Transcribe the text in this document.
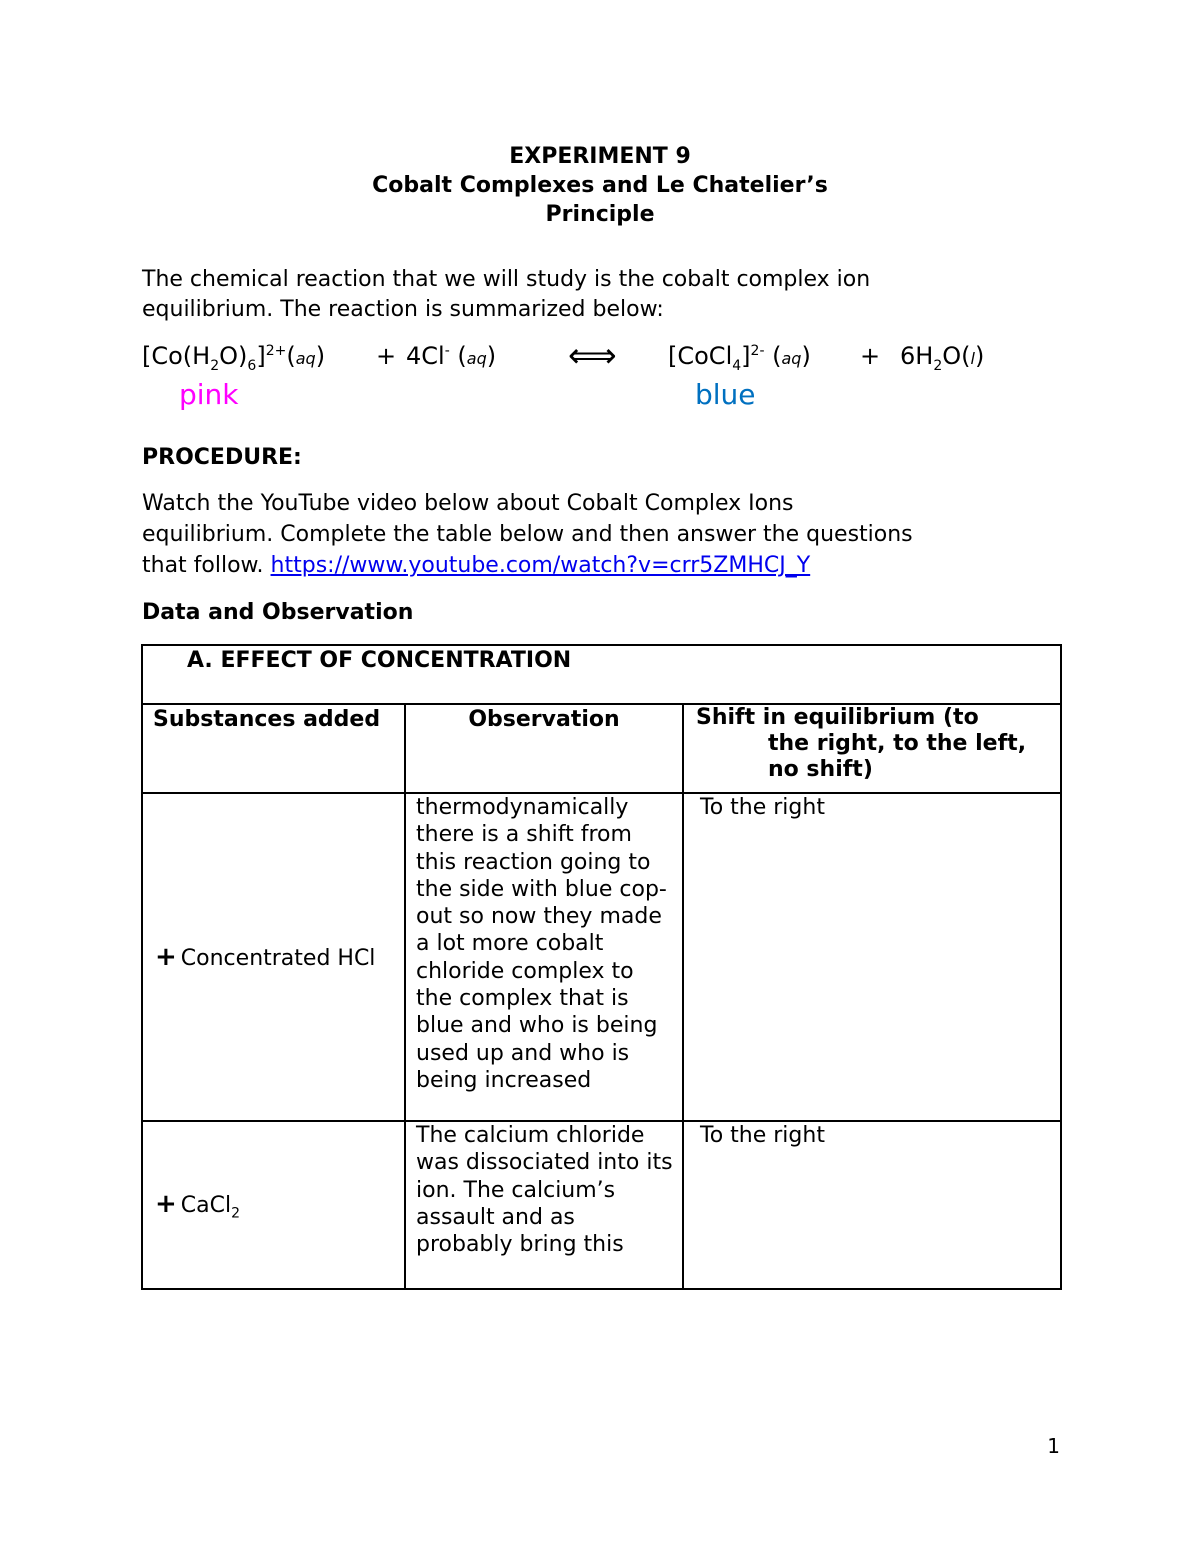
EXPERIMENT 9
Cobalt Complexes and Le Chatelier’s
Principle
The chemical reaction that we will study is the cobalt complex ion
equilibrium. The reaction is summarized below:
$[Co(H_2O)_6]^{2+}(aq) + 4Cl^-$ (aq) ⟺ [CoCl$_4$]$^{2-}$ $(aq) + 6H_2O(l)$
pink	blue
PROCEDURE:
Watch the YouTube video below about Cobalt Complex Ions
equilibrium. Complete the table below and then answer the questions
that follow. https://www.youtube.com/watch?v=crr5ZMHCJ_Y
Data and Observation
A. EFFECT OF CONCENTRATION		
Substances added	Observation	Shift in equilibrium (to
the right, to the left,
no shift)

+ Concentrated HCl	thermodynamically there is a shift from this reaction going to the side with blue cop-out so now they made a lot more cobalt chloride complex to the complex that is blue and who is being used up and who is being increased	To the right
+ CaCl$_2$	The calcium chloride was dissociated into its ion. The calcium’s assault and as probably bring this	To the right
1
